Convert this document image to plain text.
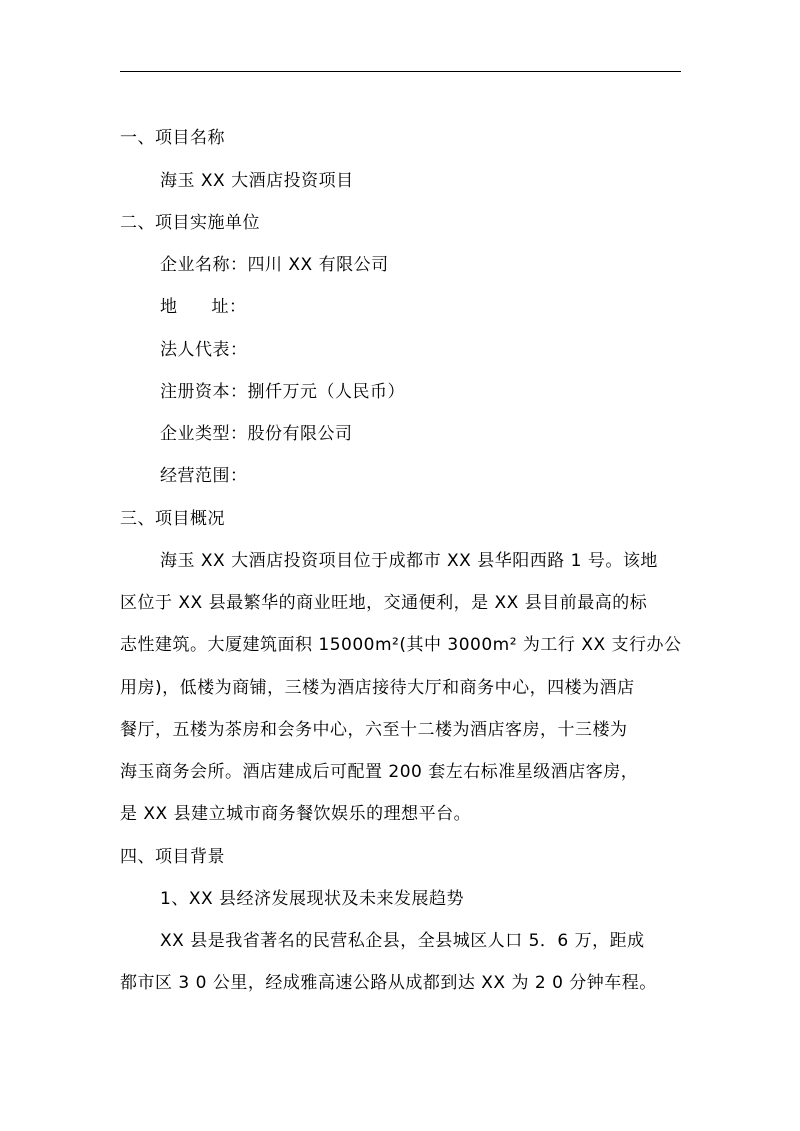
一、项目名称
海玉 XX 大酒店投资项目
二、项目实施单位
企业名称：四川 XX 有限公司
地 址：
法人代表：
注册资本：捌仟万元（人民币）
企业类型：股份有限公司
经营范围：
三、项目概况
海玉 XX 大酒店投资项目位于成都市 XX 县华阳西路 1 号。该地
区位于 XX 县最繁华的商业旺地，交通便利，是 XX 县目前最高的标
志性建筑。大厦建筑面积 15000m²(其中 3000m² 为工行 XX 支行办公
用房)，低楼为商铺，三楼为酒店接待大厅和商务中心，四楼为酒店
餐厅，五楼为茶房和会务中心，六至十二楼为酒店客房，十三楼为
海玉商务会所。酒店建成后可配置 200 套左右标准星级酒店客房，
是 XX 县建立城市商务餐饮娱乐的理想平台。
四、项目背景
1、XX 县经济发展现状及未来发展趋势
XX 县是我省著名的民营私企县，全县城区人口 5．6 万，距成
都市区 3 0 公里，经成雅高速公路从成都到达 XX 为 2 0 分钟车程。
